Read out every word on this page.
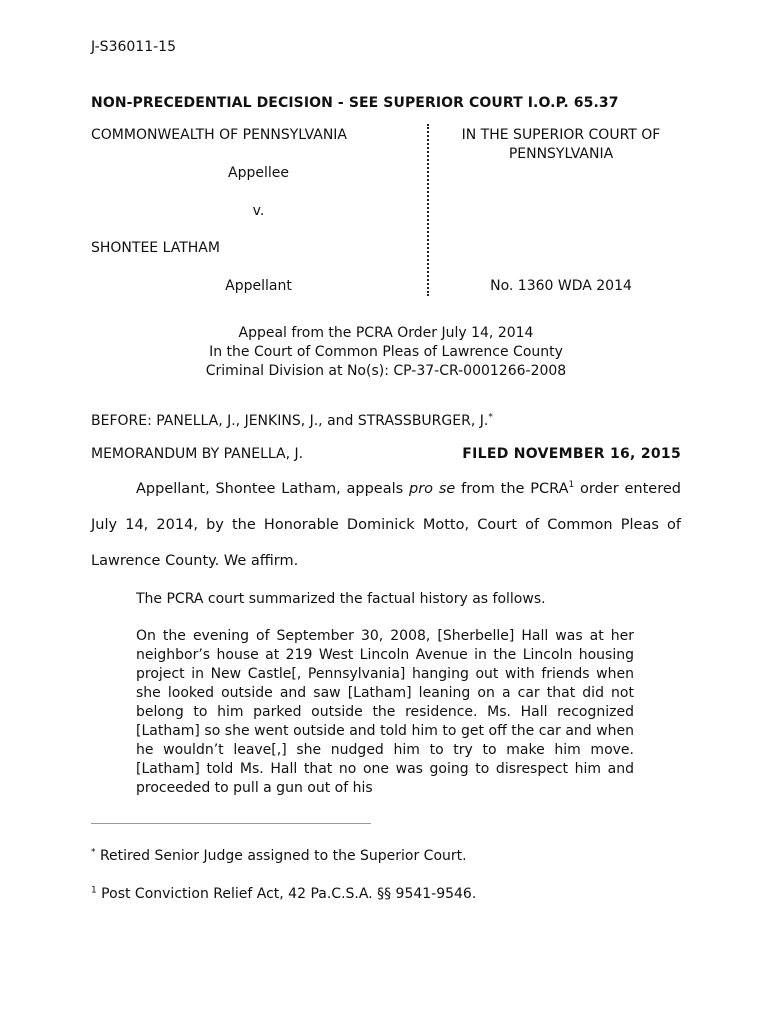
J-S36011-15
NON-PRECEDENTIAL DECISION - SEE SUPERIOR COURT I.O.P. 65.37
COMMONWEALTH OF PENNSYLVANIA
Appellee
v.
SHONTEE LATHAM
Appellant
IN THE SUPERIOR COURT OF
PENNSYLVANIA
No. 1360 WDA 2014
Appeal from the PCRA Order July 14, 2014
In the Court of Common Pleas of Lawrence County
Criminal Division at No(s): CP-37-CR-0001266-2008
BEFORE: PANELLA, J., JENKINS, J., and STRASSBURGER, J.*
MEMORANDUM BY PANELLA, J.	FILED NOVEMBER 16, 2015
Appellant, Shontee Latham, appeals pro se from the PCRA$^1$ order entered July 14, 2014, by the Honorable Dominick Motto, Court of Common Pleas of Lawrence County. We affirm.
The PCRA court summarized the factual history as follows.
On the evening of September 30, 2008, [Sherbelle] Hall was at her neighbor’s house at 219 West Lincoln Avenue in the Lincoln housing project in New Castle[, Pennsylvania] hanging out with friends when she looked outside and saw [Latham] leaning on a car that did not belong to him parked outside the residence. Ms. Hall recognized [Latham] so she went outside and told him to get off the car and when he wouldn’t leave[,] she nudged him to try to make him move. [Latham] told Ms. Hall that no one was going to disrespect him and proceeded to pull a gun out of his
* Retired Senior Judge assigned to the Superior Court.
$^1$ Post Conviction Relief Act, 42 Pa.C.S.A. §§ 9541-9546.
